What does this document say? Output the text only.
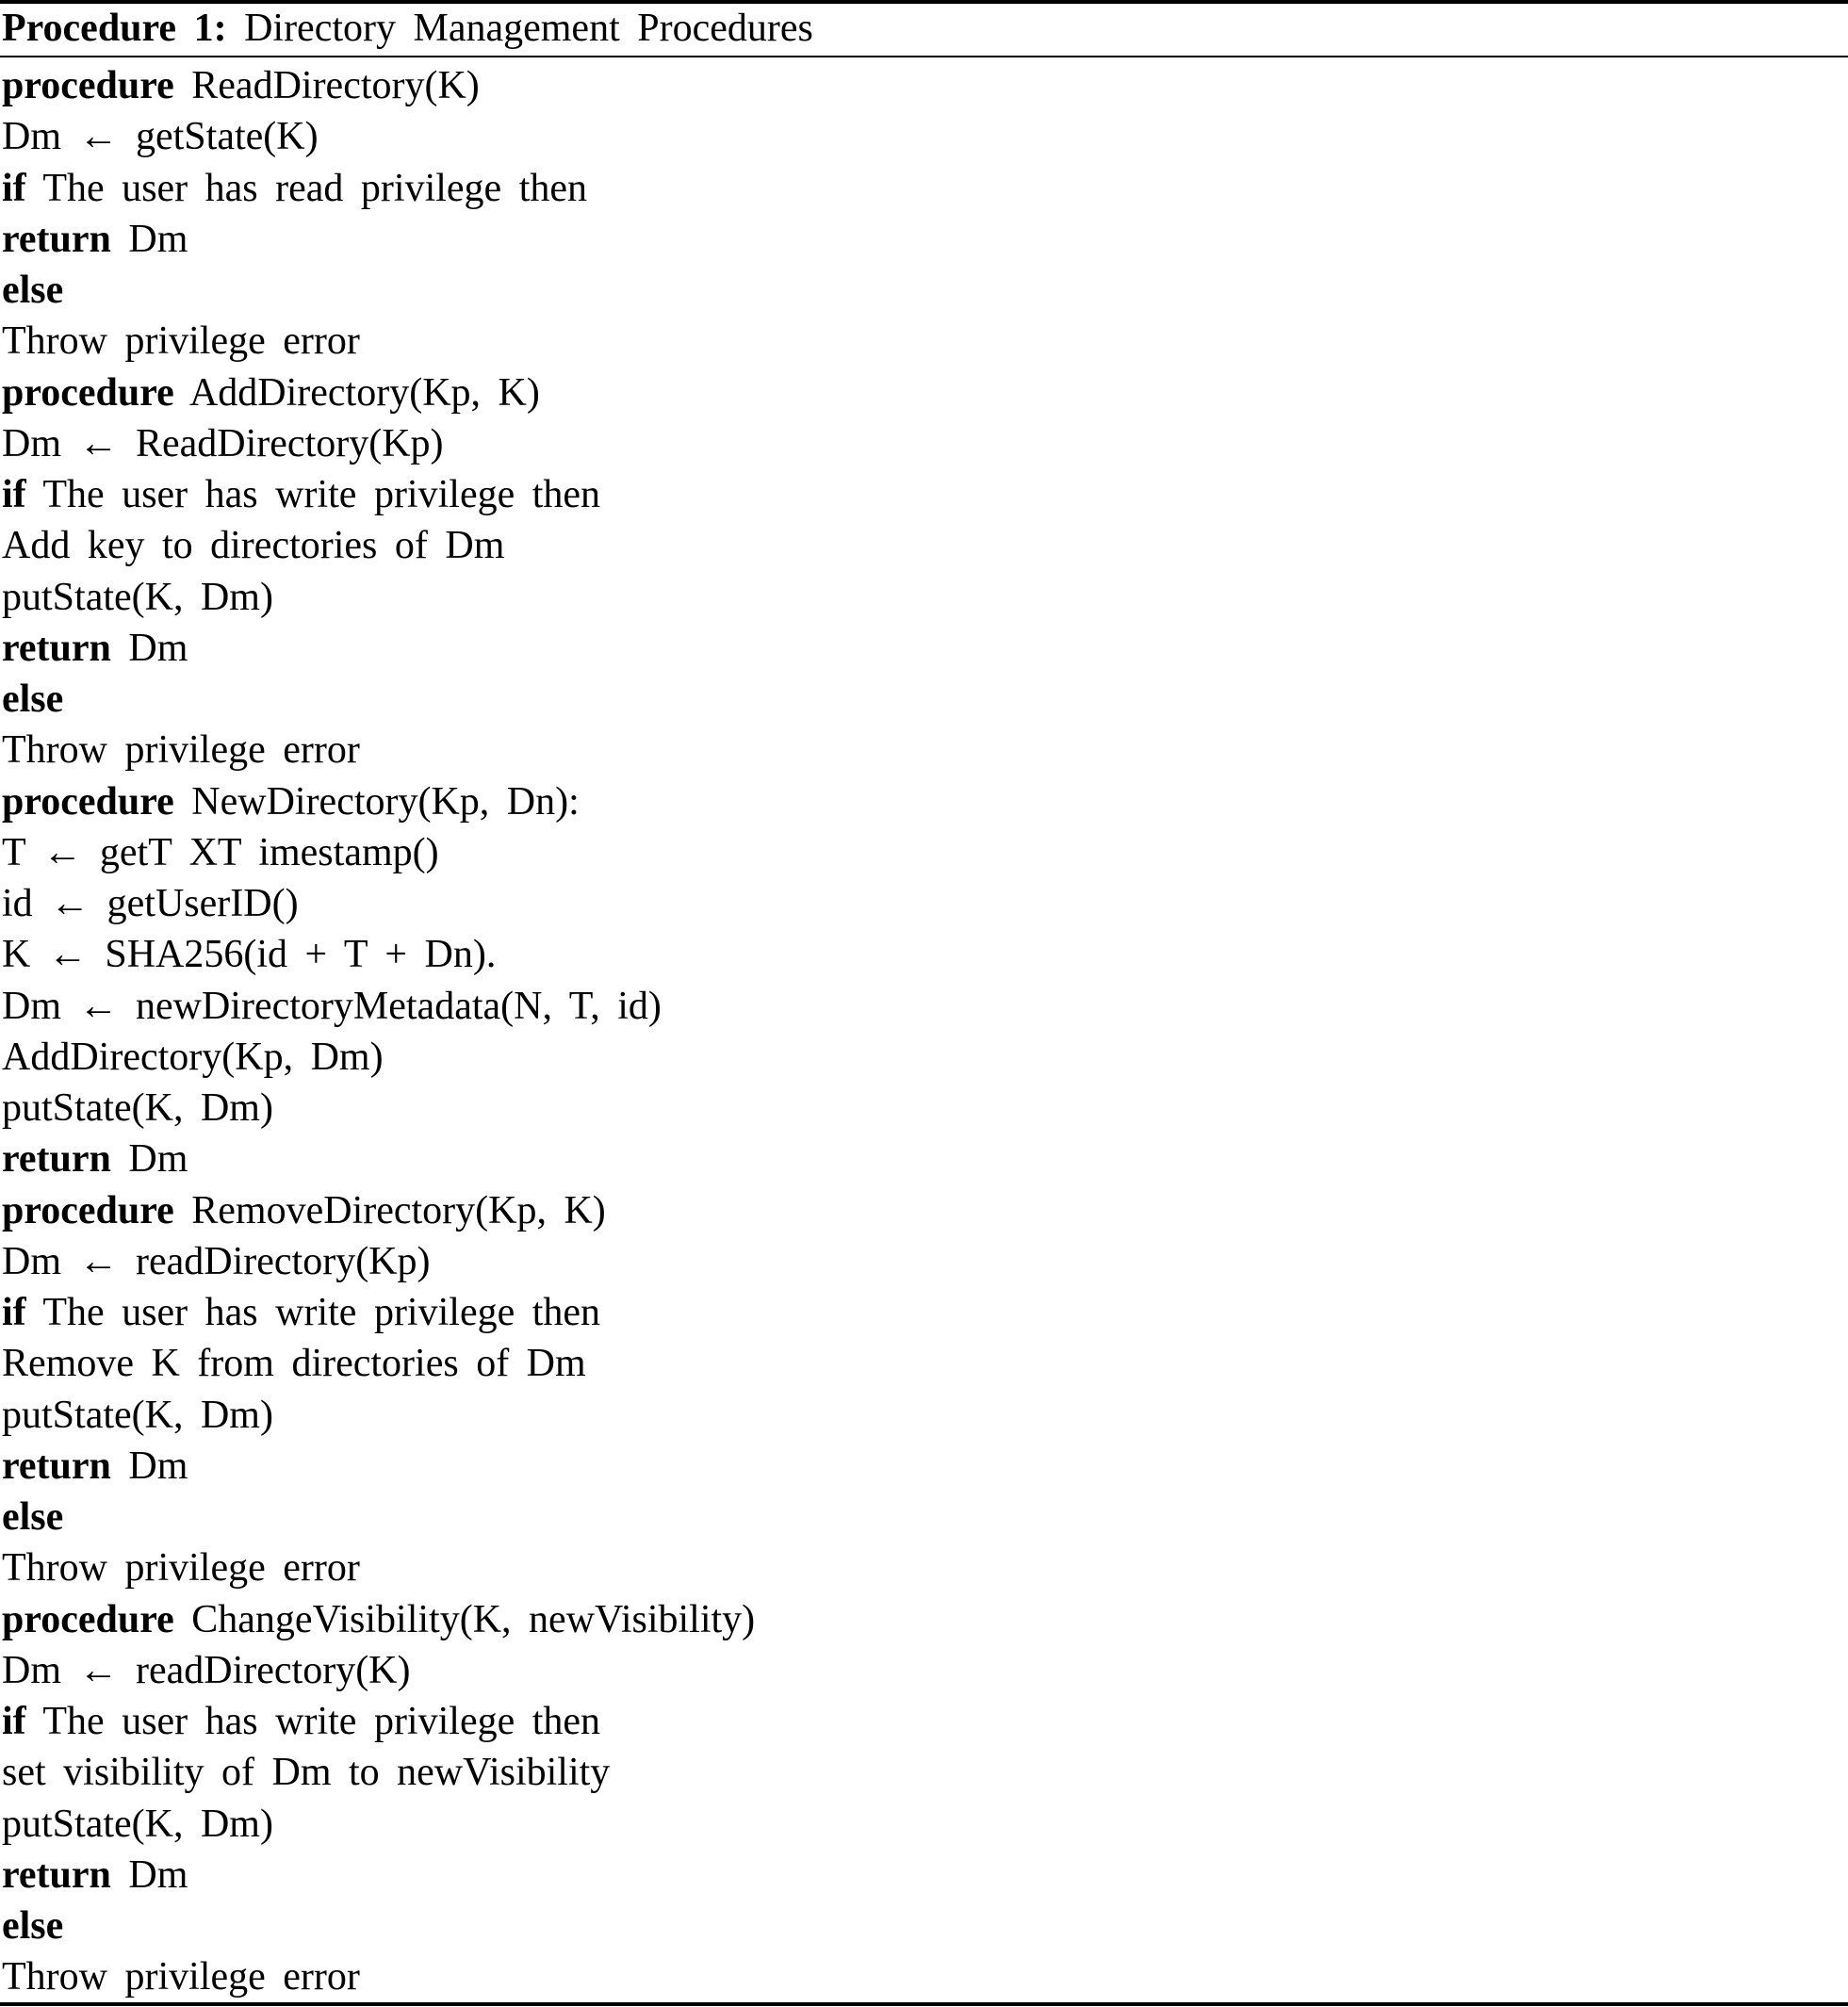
Procedure 1: Directory Management Procedures
procedure ReadDirectory(K)
Dm ← getState(K)
if The user has read privilege then
return Dm
else
Throw privilege error
procedure AddDirectory(Kp, K)
Dm ← ReadDirectory(Kp)
if The user has write privilege then
Add key to directories of Dm
putState(K, Dm)
return Dm
else
Throw privilege error
procedure NewDirectory(Kp, Dn):
T ← getT XT imestamp()
id ← getUserID()
K ← SHA256(id + T + Dn).
Dm ← newDirectoryMetadata(N, T, id)
AddDirectory(Kp, Dm)
putState(K, Dm)
return Dm
procedure RemoveDirectory(Kp, K)
Dm ← readDirectory(Kp)
if The user has write privilege then
Remove K from directories of Dm
putState(K, Dm)
return Dm
else
Throw privilege error
procedure ChangeVisibility(K, newVisibility)
Dm ← readDirectory(K)
if The user has write privilege then
set visibility of Dm to newVisibility
putState(K, Dm)
return Dm
else
Throw privilege error
